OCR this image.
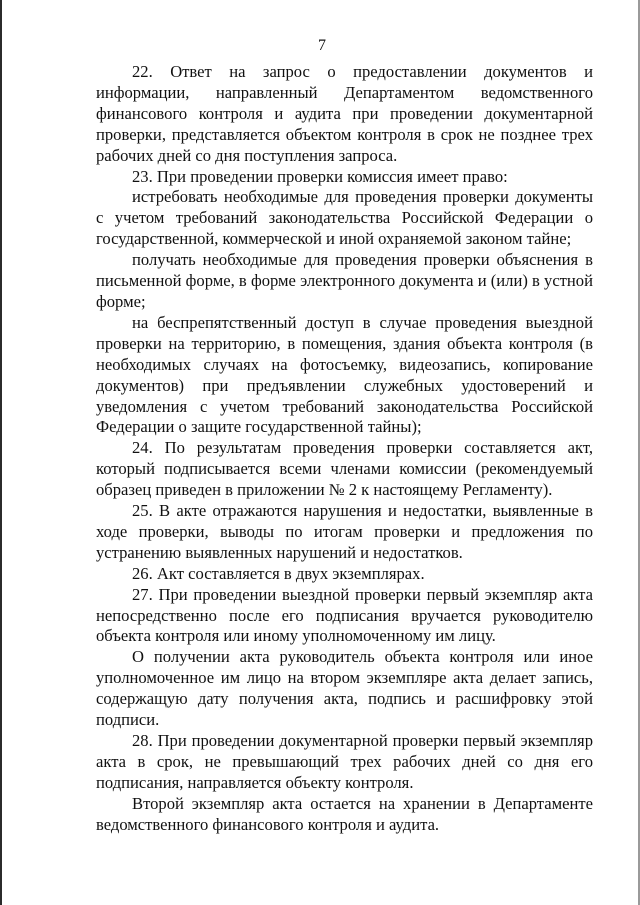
7

22. Ответ на запрос о предоставлении документов и информации, направленный Департаментом ведомственного финансового контроля и аудита при проведении документарной проверки, представляется объектом контроля в срок не позднее трех рабочих дней со дня поступления запроса.

23. При проведении проверки комиссия имеет право:

истребовать необходимые для проведения проверки документы с учетом требований законодательства Российской Федерации о государственной, коммерческой и иной охраняемой законом тайне;

получать необходимые для проведения проверки объяснения в письменной форме, в форме электронного документа и (или) в устной форме;

на беспрепятственный доступ в случае проведения выездной проверки на территорию, в помещения, здания объекта контроля (в необходимых случаях на фотосъемку, видеозапись, копирование документов) при предъявлении служебных удостоверений и уведомления с учетом требований законодательства Российской Федерации о защите государственной тайны);

24. По результатам проведения проверки составляется акт, который подписывается всеми членами комиссии (рекомендуемый образец приведен в приложении № 2 к настоящему Регламенту).

25. В акте отражаются нарушения и недостатки, выявленные в ходе проверки, выводы по итогам проверки и предложения по устранению выявленных нарушений и недостатков.

26. Акт составляется в двух экземплярах.

27. При проведении выездной проверки первый экземпляр акта непосредственно после его подписания вручается руководителю объекта контроля или иному уполномоченному им лицу.

О получении акта руководитель объекта контроля или иное уполномоченное им лицо на втором экземпляре акта делает запись, содержащую дату получения акта, подпись и расшифровку этой подписи.

28. При проведении документарной проверки первый экземпляр акта в срок, не превышающий трех рабочих дней со дня его подписания, направляется объекту контроля.

Второй экземпляр акта остается на хранении в Департаменте ведомственного финансового контроля и аудита.
